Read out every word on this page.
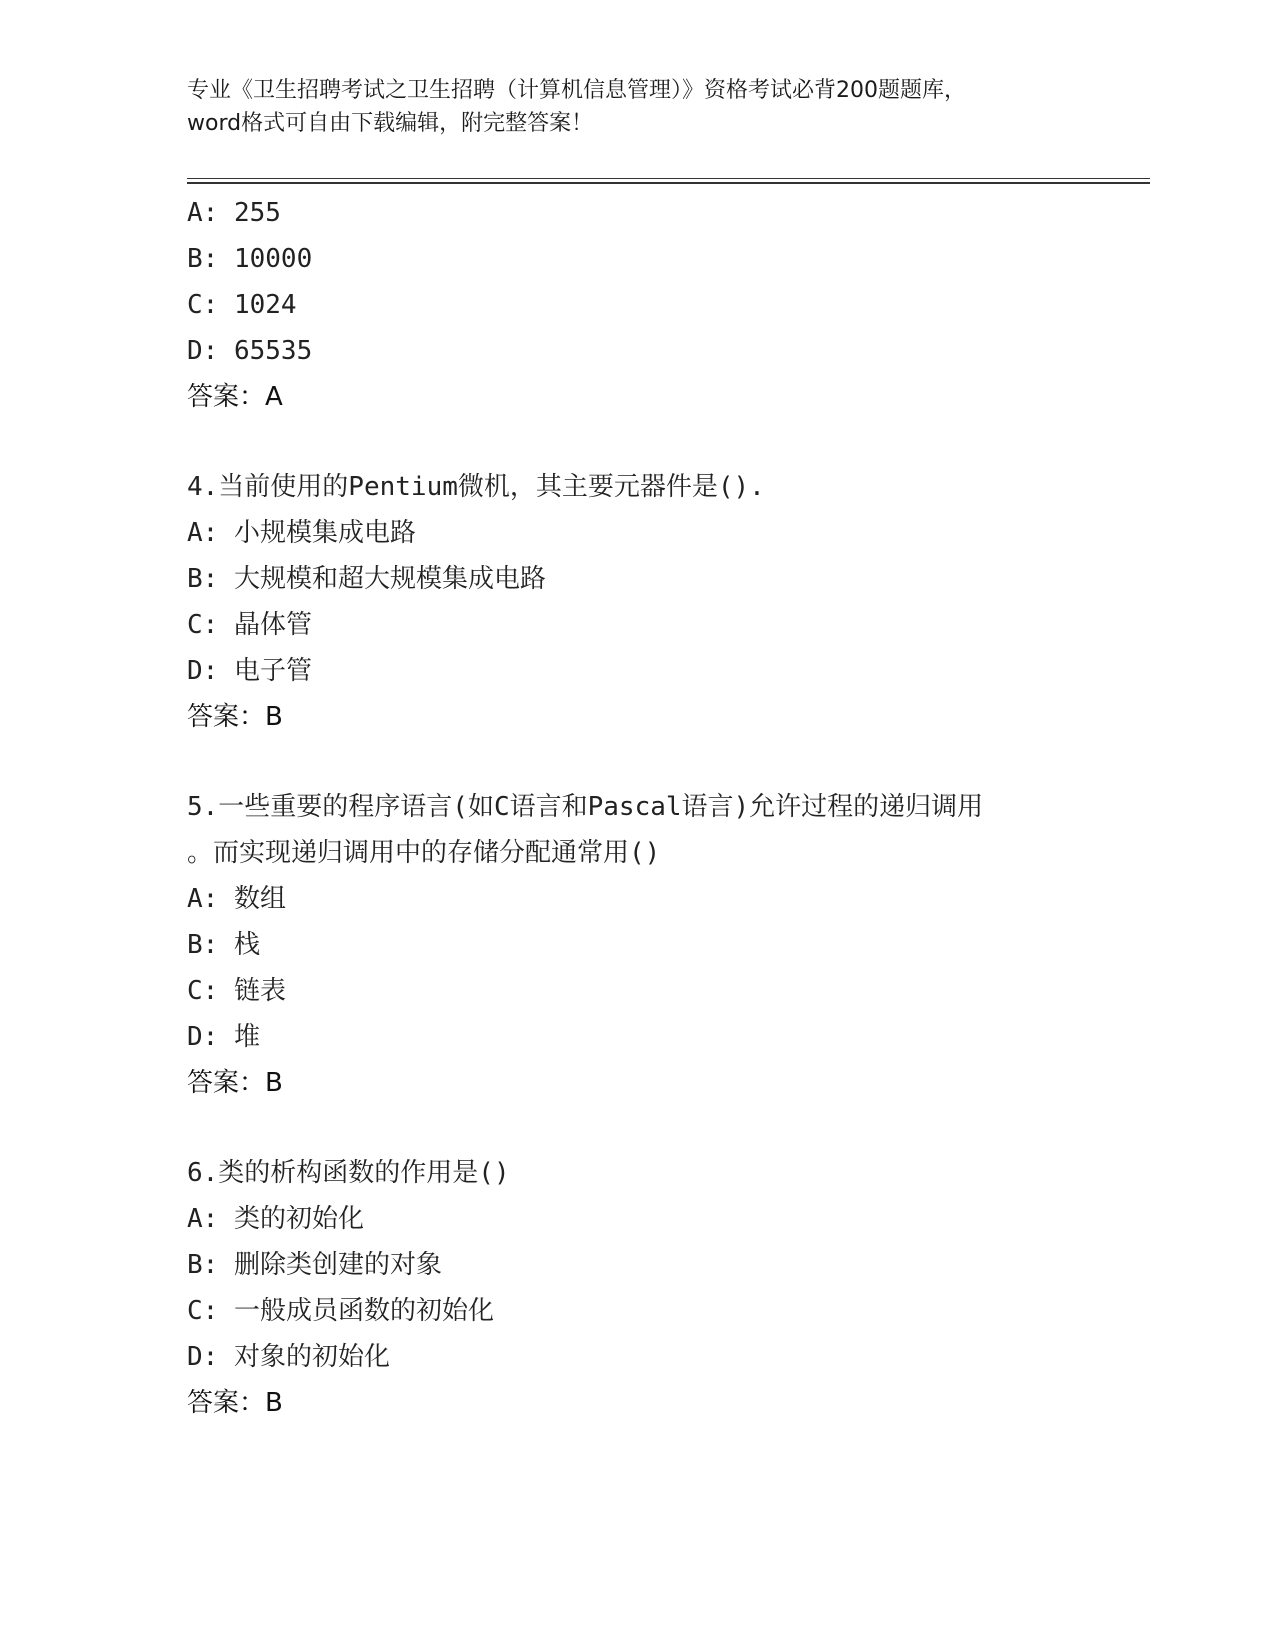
专业《卫生招聘考试之卫生招聘（计算机信息管理）》资格考试必背200题题库，
word格式可自由下载编辑，附完整答案！
A: 255
B: 10000
C: 1024
D: 65535
答案：A
4.当前使用的Pentium微机，其主要元器件是().
A: 小规模集成电路
B: 大规模和超大规模集成电路
C: 晶体管
D: 电子管
答案：B
5.一些重要的程序语言(如C语言和Pascal语言)允许过程的递归调用
。而实现递归调用中的存储分配通常用()
A: 数组
B: 栈
C: 链表
D: 堆
答案：B
6.类的析构函数的作用是()
A: 类的初始化
B: 删除类创建的对象
C: 一般成员函数的初始化
D: 对象的初始化
答案：B
